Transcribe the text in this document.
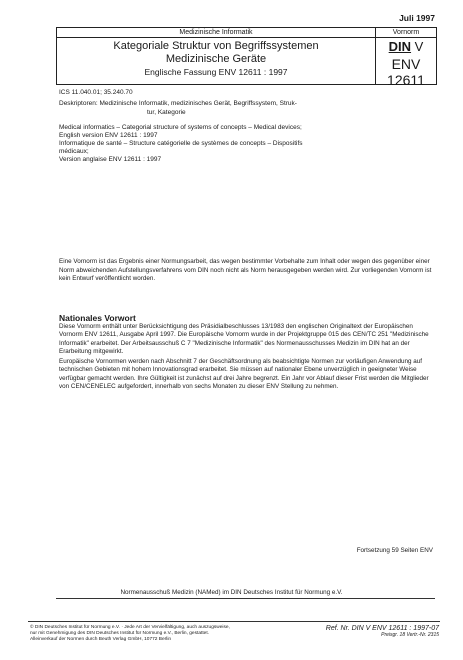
Juli 1997
Medizinische Informatik
Kategoriale Struktur von Begriffssystemen
Medizinische Geräte
Englische Fassung ENV 12611 : 1997
Vornorm
DIN V
ENV 12611
ICS 11.040.01; 35.240.70
Deskriptoren: Medizinische Informatik, medizinisches Gerät, Begriffssystem, Struk-
tur, Kategorie
Medical informatics – Categorial structure of systems of concepts – Medical devices;
English version ENV 12611 : 1997
Informatique de santé – Structure catégorielle de systèmes de concepts – Dispositifs
médicaux;
Version anglaise ENV 12611 : 1997
Eine Vornorm ist das Ergebnis einer Normungsarbeit, das wegen bestimmter Vorbehalte zum Inhalt oder wegen des gegenüber einer Norm abweichenden Aufstellungsverfahrens vom DIN noch nicht als Norm herausgegeben werden wird. Zur vorliegenden Vornorm ist kein Entwurf veröffentlicht worden.
Nationales Vorwort
Diese Vornorm enthält unter Berücksichtigung des Präsidialbeschlusses 13/1983 den englischen Originaltext der Europäischen Vornorm ENV 12611, Ausgabe April 1997. Die Europäische Vornorm wurde in der Projektgruppe 015 des CEN/TC 251 "Medizinische Informatik" erarbeitet. Der Arbeitsausschuß C 7 "Medizinische Informatik" des Normenausschusses Medizin im DIN hat an der Erarbeitung mitgewirkt.
Europäische Vornormen werden nach Abschnitt 7 der Geschäftsordnung als beabsichtigte Normen zur vorläufigen Anwendung auf technischen Gebieten mit hohem Innovationsgrad erarbeitet. Sie müssen auf nationaler Ebene unverzüglich in geeigneter Weise verfügbar gemacht werden. Ihre Gültigkeit ist zunächst auf drei Jahre begrenzt. Ein Jahr vor Ablauf dieser Frist werden die Mitglieder von CEN/CENELEC aufgefordert, innerhalb von sechs Monaten zu dieser ENV Stellung zu nehmen.
Fortsetzung 59 Seiten ENV
Normenausschuß Medizin (NAMed) im DIN Deutsches Institut für Normung e.V.
© DIN Deutsches Institut für Normung e.V. · Jede Art der Vervielfältigung, auch auszugsweise,
nur mit Genehmigung des DIN Deutsches Institut für Normung e.V., Berlin, gestattet.
Alleinverkauf der Normen durch Beuth Verlag GmbH, 10772 Berlin
Ref. Nr. DIN V ENV 12611 : 1997-07
Preisgr. 18 Vertr.-Nr. 2315
